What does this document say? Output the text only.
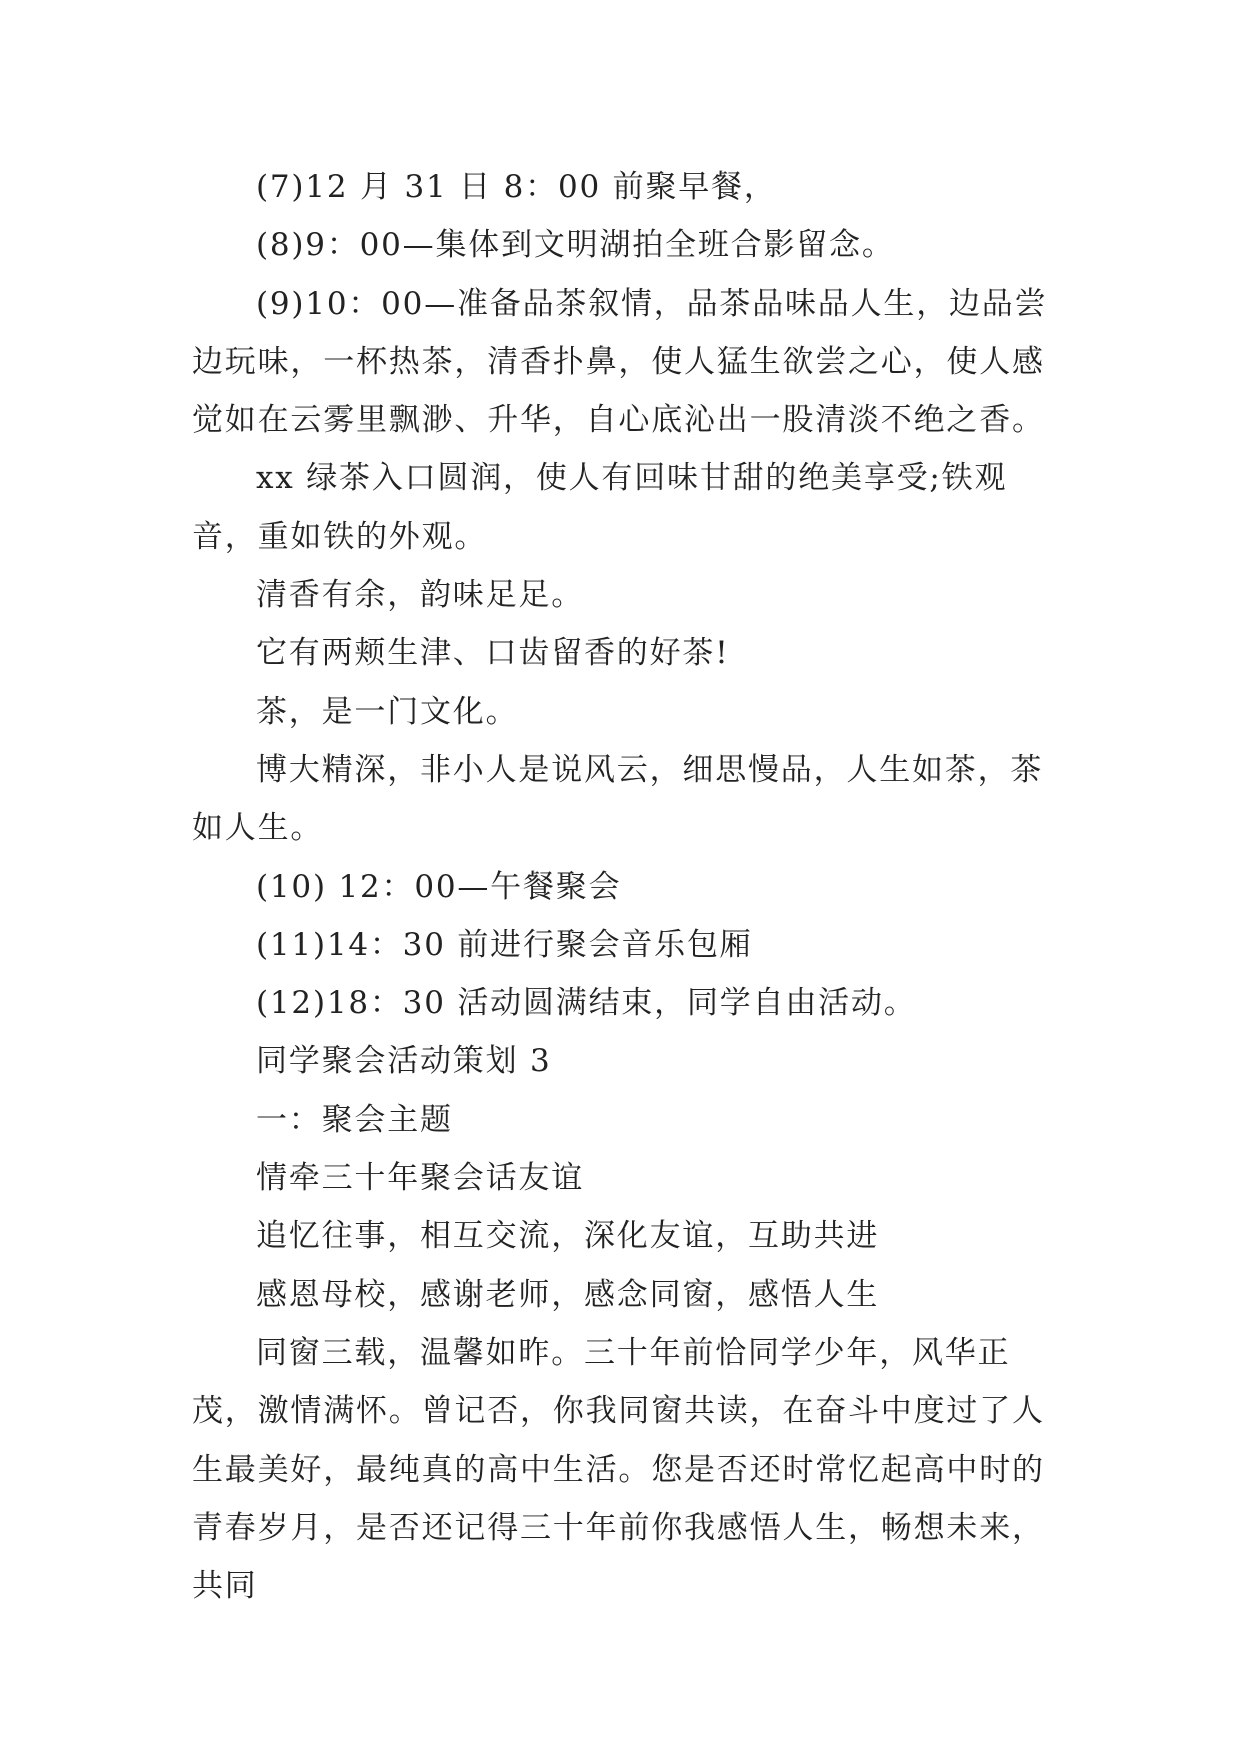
(7)12 月 31 日 8：00 前聚早餐，

(8)9：00—集体到文明湖拍全班合影留念。

(9)10：00—准备品茶叙情，品茶品味品人生，边品尝边玩味，一杯热茶，清香扑鼻，使人猛生欲尝之心，使人感觉如在云雾里飘渺、升华，自心底沁出一股清淡不绝之香。

xx 绿茶入口圆润，使人有回味甘甜的绝美享受;铁观音，重如铁的外观。

清香有余，韵味足足。

它有两颊生津、口齿留香的好茶!

茶，是一门文化。

博大精深，非小人是说风云，细思慢品，人生如茶，茶如人生。

(10) 12：00—午餐聚会

(11)14：30 前进行聚会音乐包厢

(12)18：30 活动圆满结束，同学自由活动。

同学聚会活动策划 3

一：聚会主题

情牵三十年聚会话友谊

追忆往事，相互交流，深化友谊，互助共进

感恩母校，感谢老师，感念同窗，感悟人生

同窗三载，温馨如昨。三十年前恰同学少年，风华正茂，激情满怀。曾记否，你我同窗共读，在奋斗中度过了人生最美好，最纯真的高中生活。您是否还时常忆起高中时的青春岁月，是否还记得三十年前你我感悟人生，畅想未来，共同
